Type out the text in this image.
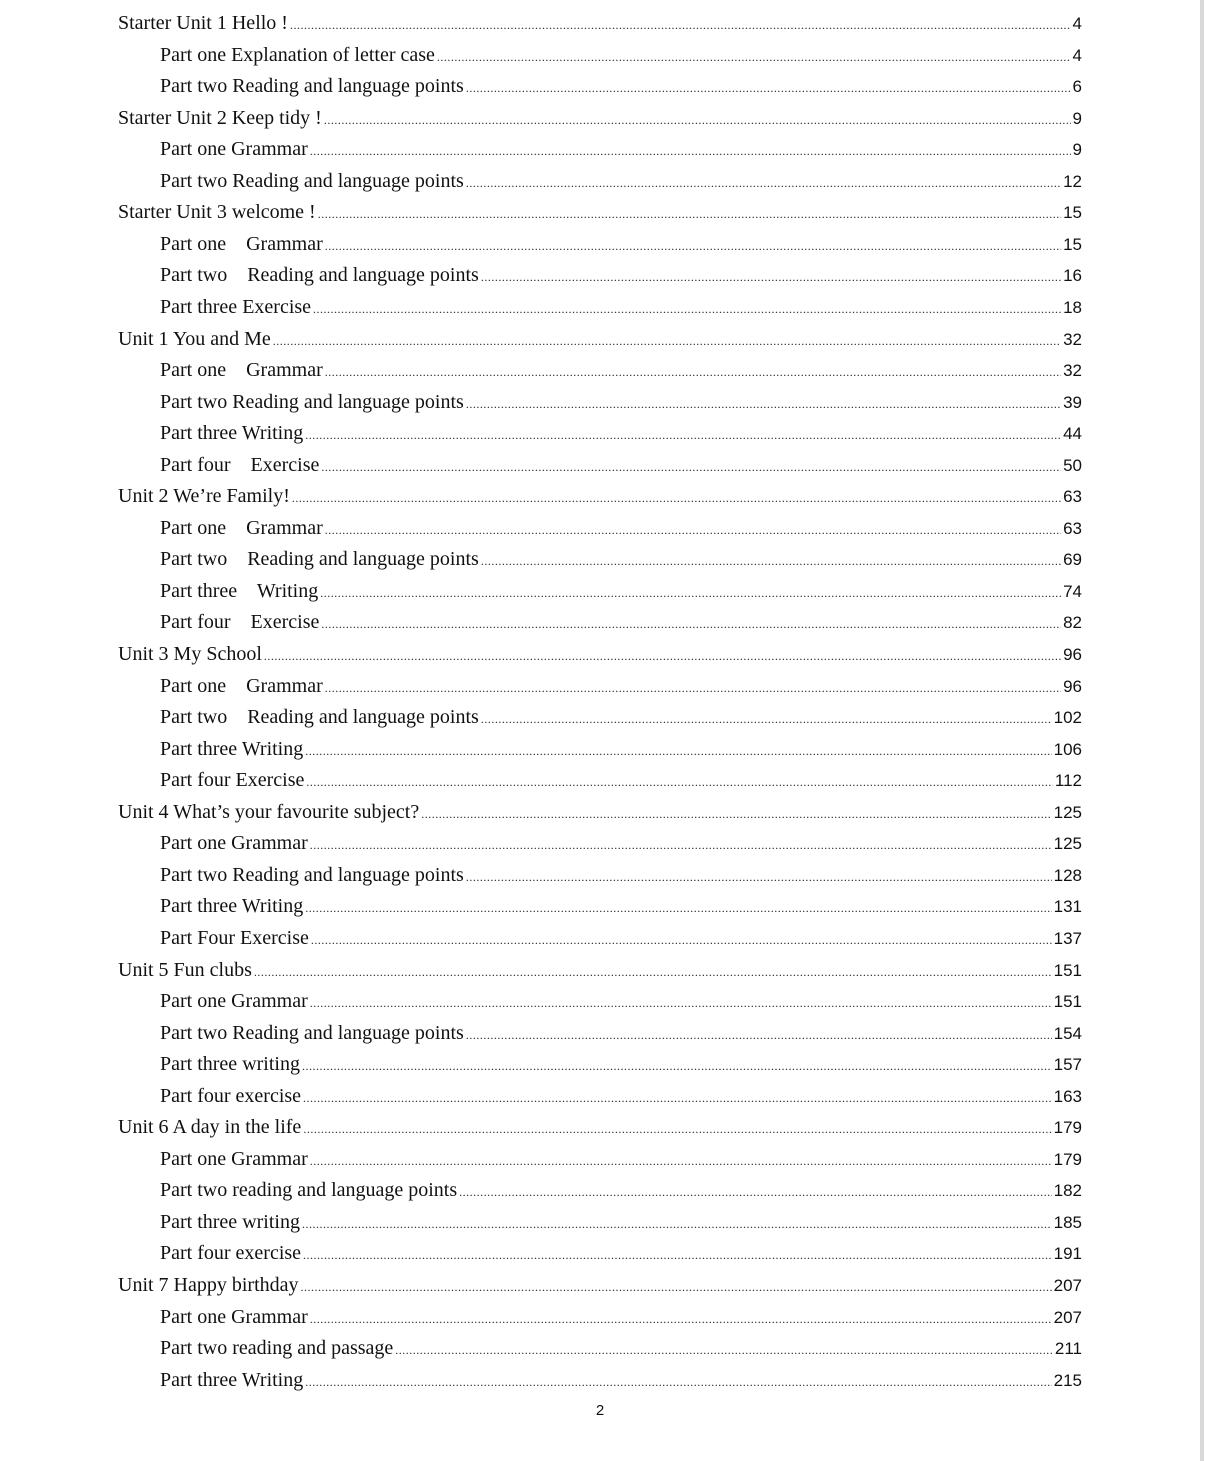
Starter Unit 1 Hello ! .....	4
Part one Explanation of letter case .....	4
Part two Reading and language points .....	6
Starter Unit 2 Keep tidy ! .....	9
Part one Grammar .....	9
Part two Reading and language points .....	12
Starter Unit 3 welcome ! .....	15
Part one    Grammar .....	15
Part two    Reading and language points .....	16
Part three Exercise .....	18
Unit 1 You and Me .....	32
Part one    Grammar .....	32
Part two Reading and language points .....	39
Part three Writing .....	44
Part four    Exercise .....	50
Unit 2 We’re Family! .....	63
Part one    Grammar .....	63
Part two    Reading and language points .....	69
Part three    Writing .....	74
Part four    Exercise .....	82
Unit 3 My School .....	96
Part one    Grammar .....	96
Part two    Reading and language points .....	102
Part three Writing .....	106
Part four Exercise .....	112
Unit 4 What’s your favourite subject? .....	125
Part one Grammar .....	125
Part two Reading and language points .....	128
Part three Writing .....	131
Part Four Exercise .....	137
Unit 5 Fun clubs .....	151
Part one Grammar .....	151
Part two Reading and language points .....	154
Part three writing .....	157
Part four exercise .....	163
Unit 6 A day in the life .....	179
Part one Grammar .....	179
Part two reading and language points .....	182
Part three writing .....	185
Part four exercise .....	191
Unit 7 Happy birthday .....	207
Part one Grammar .....	207
Part two reading and passage .....	211
Part three Writing .....	215
2
